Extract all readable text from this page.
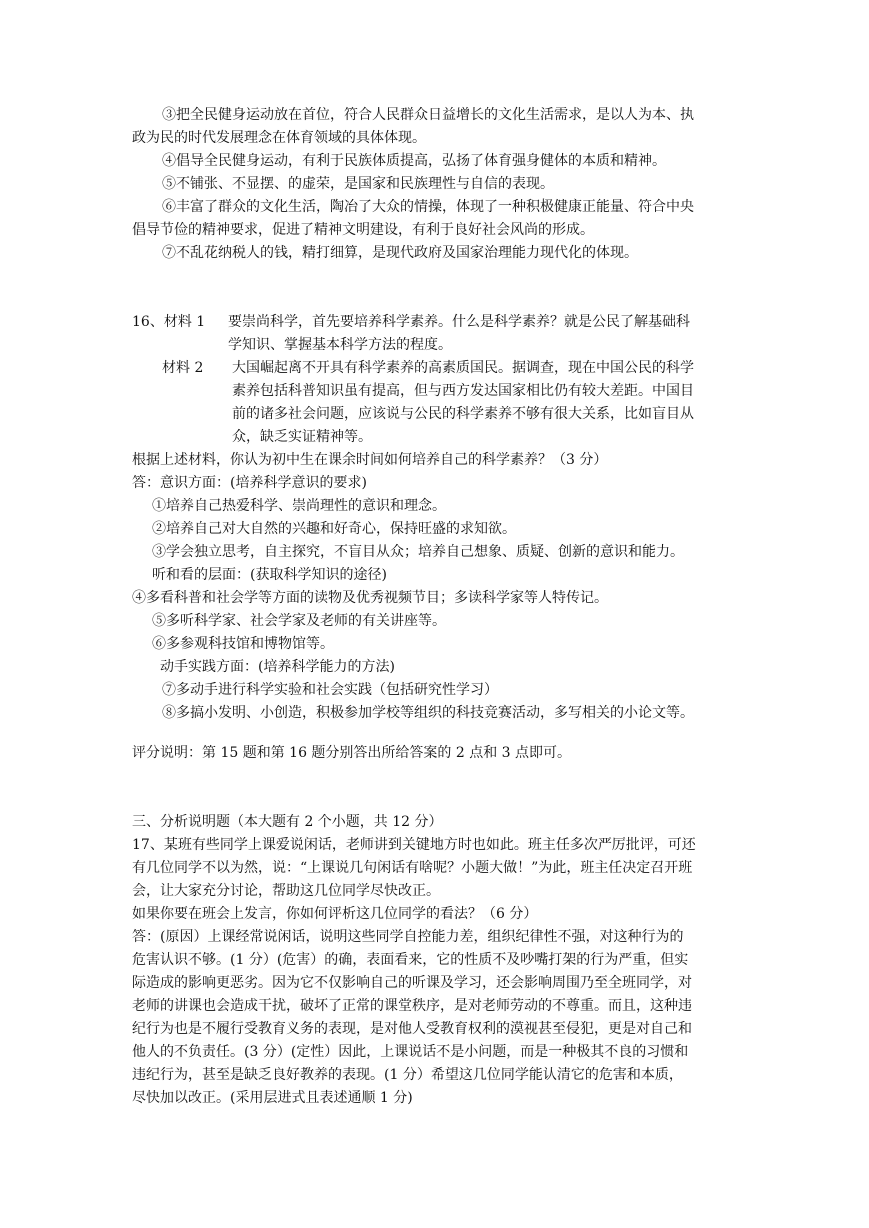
③把全民健身运动放在首位，符合人民群众日益增长的文化生活需求，是以人为本、执
政为民的时代发展理念在体育领域的具体体现。
④倡导全民健身运动，有利于民族体质提高，弘扬了体育强身健体的本质和精神。
⑤不铺张、不显摆、的虚荣，是国家和民族理性与自信的表现。
⑥丰富了群众的文化生活，陶冶了大众的情操，体现了一种积极健康正能量、符合中央
倡导节俭的精神要求，促进了精神文明建设，有利于良好社会风尚的形成。
⑦不乱花纳税人的钱，精打细算，是现代政府及国家治理能力现代化的体现。
16、材料 1 要崇尚科学，首先要培养科学素养。什么是科学素养？就是公民了解基础科
学知识、掌握基本科学方法的程度。
材料 2 大国崛起离不开具有科学素养的高素质国民。据调查，现在中国公民的科学
素养包括科普知识虽有提高，但与西方发达国家相比仍有较大差距。中国目
前的诸多社会问题，应该说与公民的科学素养不够有很大关系，比如盲目从
众，缺乏实证精神等。
根据上述材料，你认为初中生在课余时间如何培养自己的科学素养？（3 分）
答：意识方面：(培养科学意识的要求)
①培养自己热爱科学、崇尚理性的意识和理念。
②培养自己对大自然的兴趣和好奇心，保持旺盛的求知欲。
③学会独立思考，自主探究，不盲目从众；培养自己想象、质疑、创新的意识和能力。
听和看的层面：(获取科学知识的途径)
④多看科普和社会学等方面的读物及优秀视频节目；多读科学家等人特传记。
⑤多听科学家、社会学家及老师的有关讲座等。
⑥多参观科技馆和博物馆等。
动手实践方面：(培养科学能力的方法)
⑦多动手进行科学实验和社会实践（包括研究性学习）
⑧多搞小发明、小创造，积极参加学校等组织的科技竞赛活动，多写相关的小论文等。
评分说明：第 15 题和第 16 题分别答出所给答案的 2 点和 3 点即可。
三、分析说明题（本大题有 2 个小题，共 12 分）
17、某班有些同学上课爱说闲话，老师讲到关键地方时也如此。班主任多次严厉批评，可还
有几位同学不以为然，说：“上课说几句闲话有啥呢？小题大做！”为此，班主任决定召开班
会，让大家充分讨论，帮助这几位同学尽快改正。
如果你要在班会上发言，你如何评析这几位同学的看法？（6 分）
答：(原因）上课经常说闲话，说明这些同学自控能力差，组织纪律性不强，对这种行为的
危害认识不够。(1 分）(危害）的确，表面看来，它的性质不及吵嘴打架的行为严重，但实
际造成的影响更恶劣。因为它不仅影响自己的听课及学习，还会影响周围乃至全班同学，对
老师的讲课也会造成干扰，破坏了正常的课堂秩序，是对老师劳动的不尊重。而且，这种违
纪行为也是不履行受教育义务的表现，是对他人受教育权利的漠视甚至侵犯，更是对自己和
他人的不负责任。(3 分）(定性）因此，上课说话不是小问题，而是一种极其不良的习惯和
违纪行为，甚至是缺乏良好教养的表现。(1 分）希望这几位同学能认清它的危害和本质，
尽快加以改正。(采用层进式且表述通顺 1 分)
